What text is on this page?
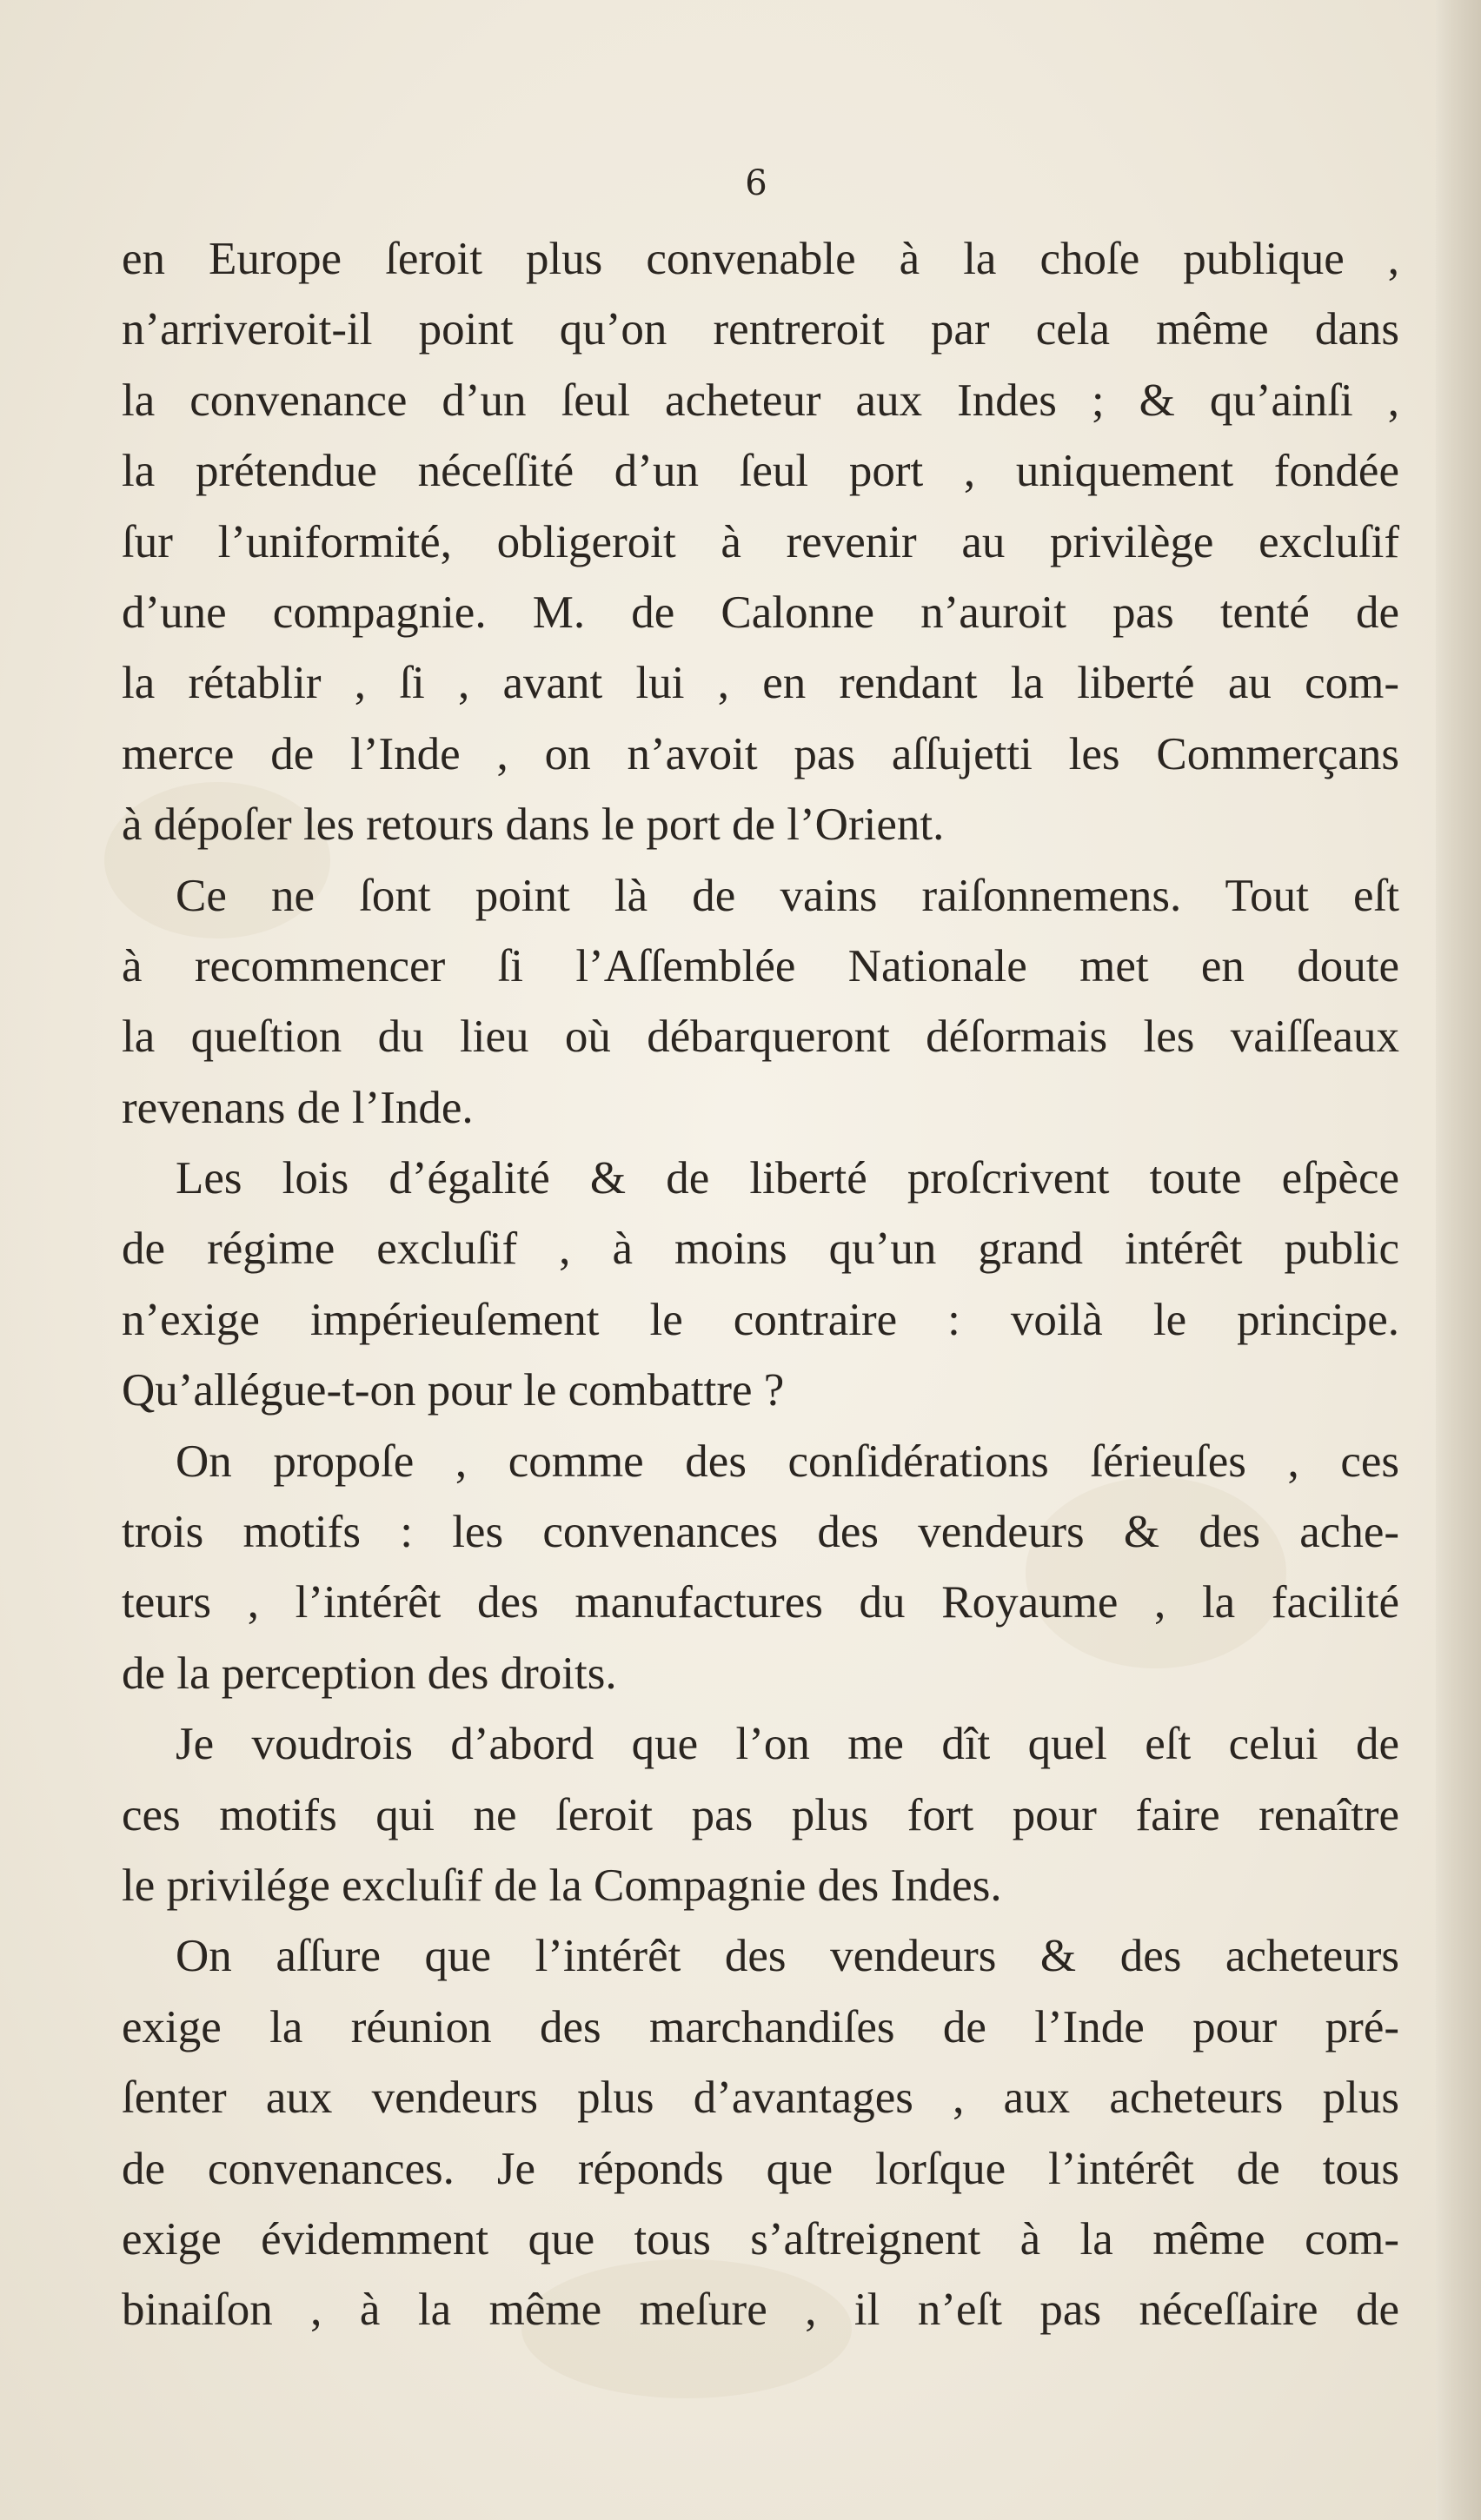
6
en Europe ſeroit plus convenable à la choſe publique ,
n’arriveroit-il point qu’on rentreroit par cela même dans
la convenance d’un ſeul acheteur aux Indes ; & qu’ainſi ,
la prétendue néceſſité d’un ſeul port , uniquement fondée
ſur l’uniformité, obligeroit à revenir au privilège excluſif
d’une compagnie. M. de Calonne n’auroit pas tenté de
la rétablir , ſi , avant lui , en rendant la liberté au com-
merce de l’Inde , on n’avoit pas aſſujetti les Commerçans
à dépoſer les retours dans le port de l’Orient.
Ce ne ſont point là de vains raiſonnemens. Tout eſt
à recommencer ſi l’Aſſemblée Nationale met en doute
la queſtion du lieu où débarqueront déſormais les vaiſſeaux
revenans de l’Inde.
Les lois d’égalité & de liberté proſcrivent toute eſpèce
de régime excluſif , à moins qu’un grand intérêt public
n’exige impérieuſement le contraire : voilà le principe.
Qu’allégue-t-on pour le combattre ?
On propoſe , comme des conſidérations ſérieuſes , ces
trois motifs : les convenances des vendeurs & des ache-
teurs , l’intérêt des manufactures du Royaume , la facilité
de la perception des droits.
Je voudrois d’abord que l’on me dît quel eſt celui de
ces motifs qui ne ſeroit pas plus fort pour faire renaître
le privilége excluſif de la Compagnie des Indes.
On aſſure que l’intérêt des vendeurs & des acheteurs
exige la réunion des marchandiſes de l’Inde pour pré-
ſenter aux vendeurs plus d’avantages , aux acheteurs plus
de convenances. Je réponds que lorſque l’intérêt de tous
exige évidemment que tous s’aſtreignent à la même com-
binaiſon , à la même meſure , il n’eſt pas néceſſaire de
